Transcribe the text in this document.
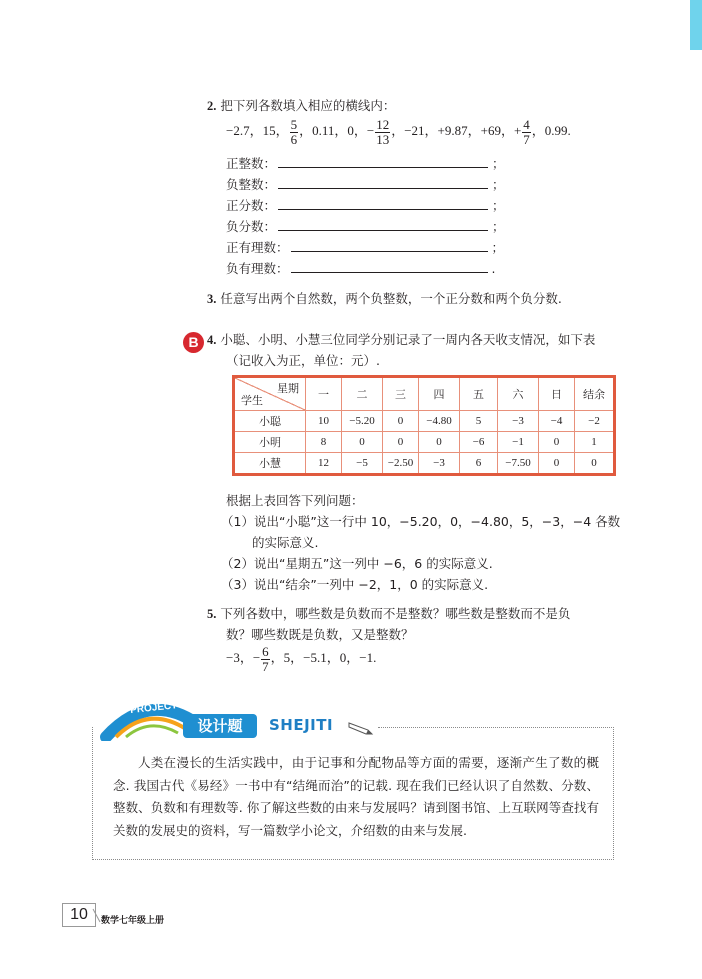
2. 把下列各数填入相应的横线内：
−2.7，15， $\frac{5}{6}$ ，0.11，0，− $\frac{12}{13}$ ，−21，+9.87，+69，+ $\frac{4}{7}$ ，0.99.
正整数：	；
负整数：	；
正分数：	；
负分数：	；
正有理数：	；
负有理数：	.
3. 任意写出两个自然数，两个负整数，一个正分数和两个负分数.
B 4. 小聪、小明、小慧三位同学分别记录了一周内各天收支情况，如下表
（记收入为正，单位：元）.
星期
学生	一	二	三	四	五	六	日	结余
小聪	10	−5.20	0	−4.80	5	−3	−4	−2
小明	8	0	0	0	−6	−1	0	1
小慧	12	−5	−2.50	−3	6	−7.50	0	0
根据上表回答下列问题：
（1）说出“小聪”这一行中 10，−5.20，0，−4.80，5，−3，−4 各数
的实际意义.
（2）说出“星期五”这一列中 −6，6 的实际意义.
（3）说出“结余”一列中 −2，1，0 的实际意义.
5. 下列各数中，哪些数是负数而不是整数？哪些数是整数而不是负
数？哪些数既是负数，又是整数？
−3，− $\frac{6}{7}$ ，5，−5.1，0，−1.
PROJECT
设计题	SHEJITI

人类在漫长的生活实践中，由于记事和分配物品等方面的需要，逐渐产生了数的概念. 我国古代《易经》一书中有“结绳而治”的记载. 现在我们已经认识了自然数、分数、整数、负数和有理数等. 你了解这些数的由来与发展吗？请到图书馆、上互联网等查找有关数的发展史的资料，写一篇数学小论文，介绍数的由来与发展.

10	数学七年级上册
